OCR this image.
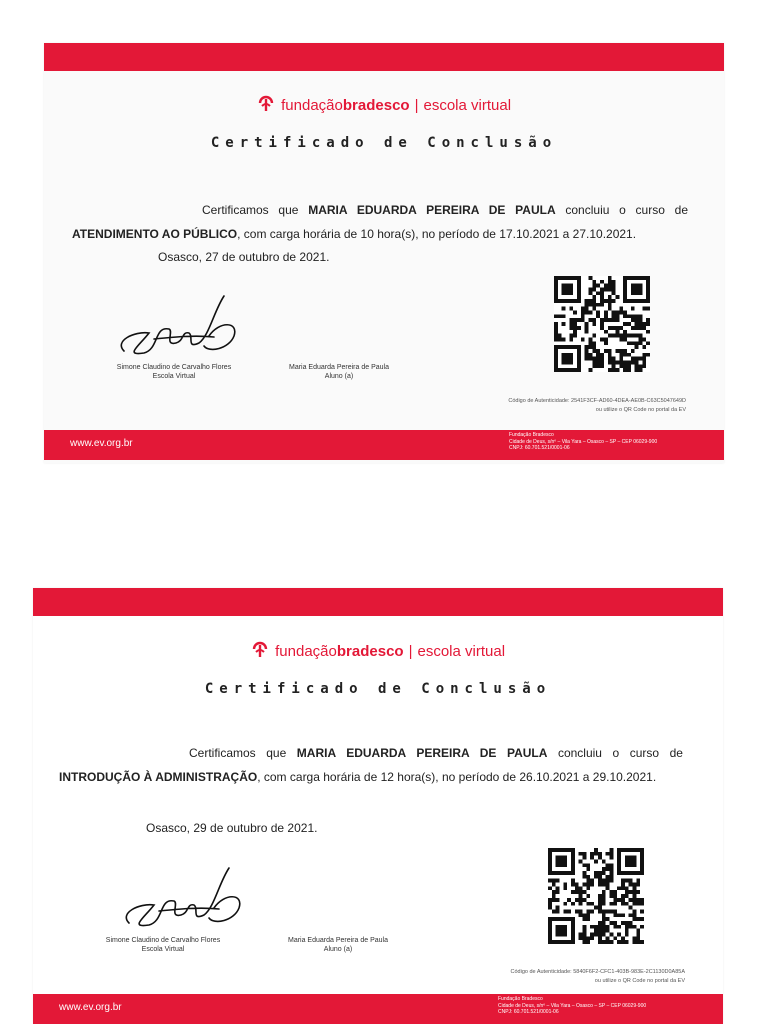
fundaçãobradesco | escola virtual
Certificado de Conclusão
Certificamos que MARIA EDUARDA PEREIRA DE PAULA concluiu o curso de ATENDIMENTO AO PÚBLICO, com carga horária de 10 hora(s), no período de 17.10.2021 a 27.10.2021.
Osasco, 27 de outubro de 2021.
Simone Claudino de Carvalho Flores
Escola Virtual
Maria Eduarda Pereira de Paula
Aluno (a)
Código de Autenticidade: 2541F3CF-AD60-4DEA-AE0B-C63C5047649D
ou utilize o QR Code no portal da EV
www.ev.org.br
Fundação Bradesco
Cidade de Deus, s/nº – Vila Yara – Osasco – SP – CEP 06029-900
CNPJ: 60.701.521/0001-06
fundaçãobradesco | escola virtual
Certificado de Conclusão
Certificamos que MARIA EDUARDA PEREIRA DE PAULA concluiu o curso de INTRODUÇÃO À ADMINISTRAÇÃO, com carga horária de 12 hora(s), no período de 26.10.2021 a 29.10.2021.
Osasco, 29 de outubro de 2021.
Simone Claudino de Carvalho Flores
Escola Virtual
Maria Eduarda Pereira de Paula
Aluno (a)
Código de Autenticidade: 5840F6F2-CFC1-403B-983E-2C1130D0A85A
ou utilize o QR Code no portal da EV
www.ev.org.br
Fundação Bradesco
Cidade de Deus, s/nº – Vila Yara – Osasco – SP – CEP 06029-900
CNPJ: 60.701.521/0001-06
